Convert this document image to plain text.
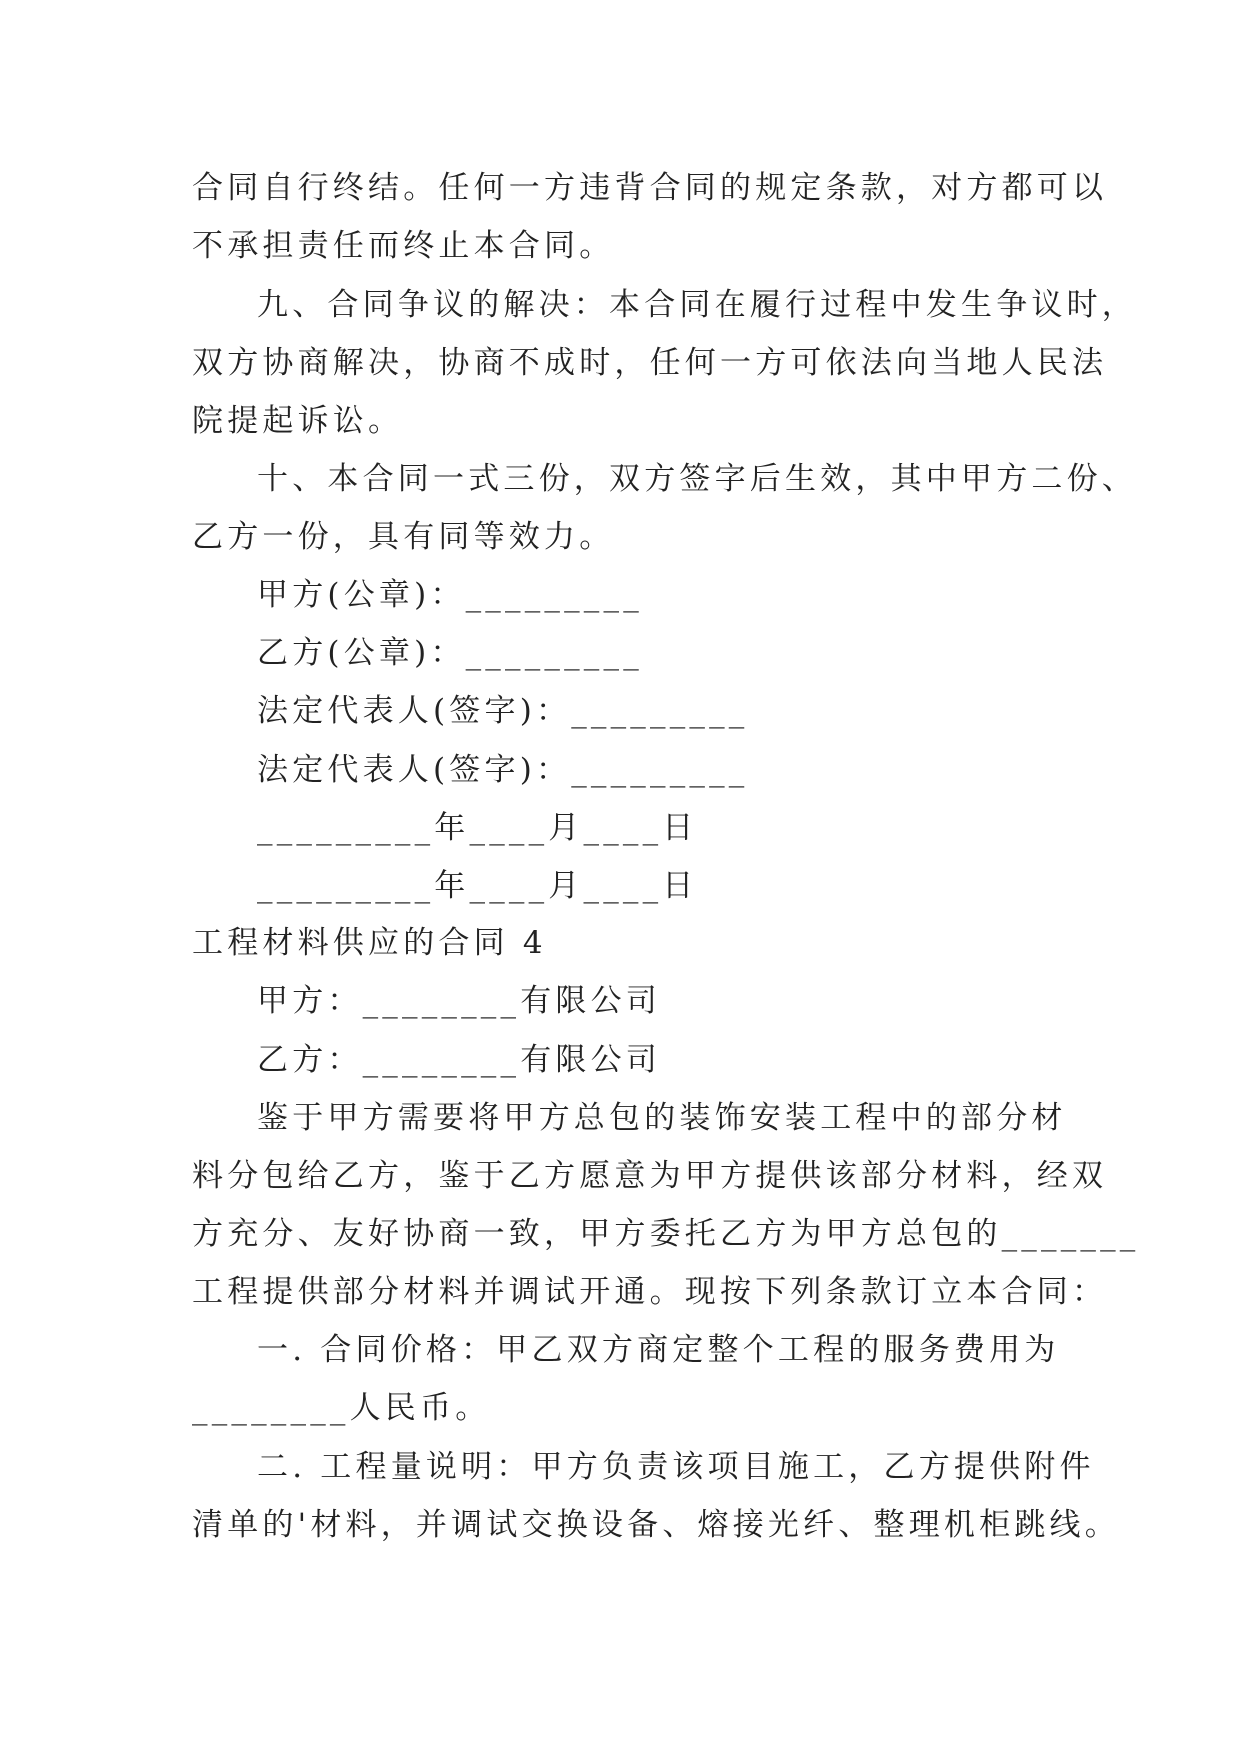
合同自行终结。任何一方违背合同的规定条款，对方都可以
不承担责任而终止本合同。
九、合同争议的解决：本合同在履行过程中发生争议时，
双方协商解决，协商不成时，任何一方可依法向当地人民法
院提起诉讼。
十、本合同一式三份，双方签字后生效，其中甲方二份、
乙方一份，具有同等效力。
甲方(公章)：_________
乙方(公章)：_________
法定代表人(签字)：_________
法定代表人(签字)：_________
_________年____月____日
_________年____月____日
工程材料供应的合同 4
甲方：________有限公司
乙方：________有限公司
鉴于甲方需要将甲方总包的装饰安装工程中的部分材
料分包给乙方，鉴于乙方愿意为甲方提供该部分材料，经双
方充分、友好协商一致，甲方委托乙方为甲方总包的_______
工程提供部分材料并调试开通。现按下列条款订立本合同：
一. 合同价格：甲乙双方商定整个工程的服务费用为
________人民币。
二. 工程量说明：甲方负责该项目施工，乙方提供附件
清单的'材料，并调试交换设备、熔接光纤、整理机柜跳线。
